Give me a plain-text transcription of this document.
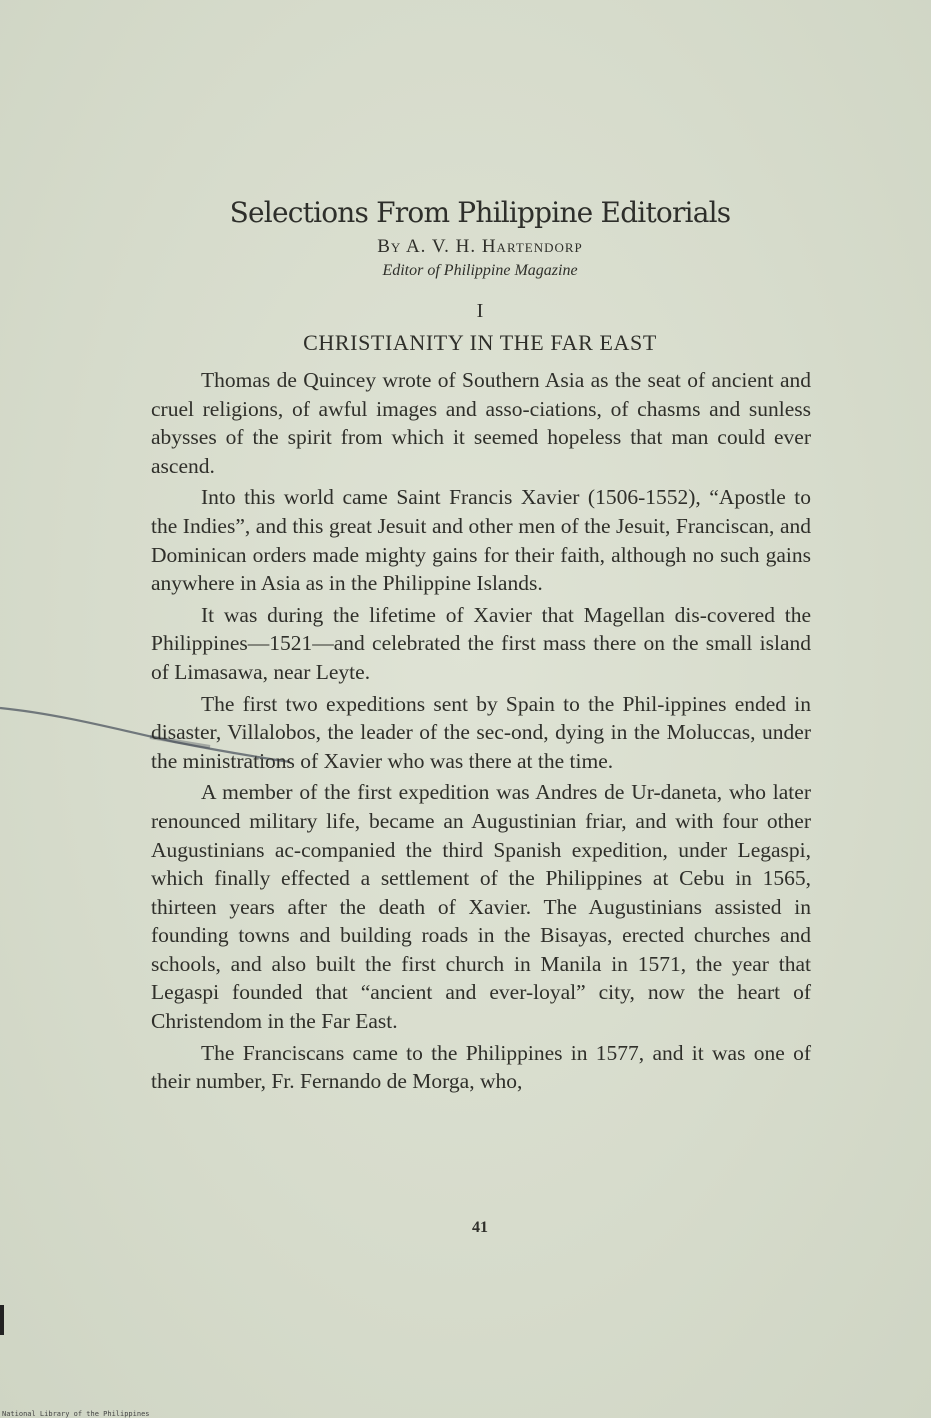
Selections From Philippine Editorials
By A. V. H. Hartendorp
Editor of Philippine Magazine
I
CHRISTIANITY IN THE FAR EAST

Thomas de Quincey wrote of Southern Asia as the seat of ancient and cruel religions, of awful images and asso-ciations, of chasms and sunless abysses of the spirit from which it seemed hopeless that man could ever ascend.

Into this world came Saint Francis Xavier (1506-1552), “Apostle to the Indies”, and this great Jesuit and other men of the Jesuit, Franciscan, and Dominican orders made mighty gains for their faith, although no such gains anywhere in Asia as in the Philippine Islands.

It was during the lifetime of Xavier that Magellan dis-covered the Philippines—1521—and celebrated the first mass there on the small island of Limasawa, near Leyte.

The first two expeditions sent by Spain to the Phil-ippines ended in disaster, Villalobos, the leader of the sec-ond, dying in the Moluccas, under the ministrations of Xavier who was there at the time.

A member of the first expedition was Andres de Ur-daneta, who later renounced military life, became an Augustinian friar, and with four other Augustinians ac-companied the third Spanish expedition, under Legaspi, which finally effected a settlement of the Philippines at Cebu in 1565, thirteen years after the death of Xavier. The Augustinians assisted in founding towns and building roads in the Bisayas, erected churches and schools, and also built the first church in Manila in 1571, the year that Legaspi founded that “ancient and ever-loyal” city, now the heart of Christendom in the Far East.

The Franciscans came to the Philippines in 1577, and it was one of their number, Fr. Fernando de Morga, who,

41
National Library of the Philippines
